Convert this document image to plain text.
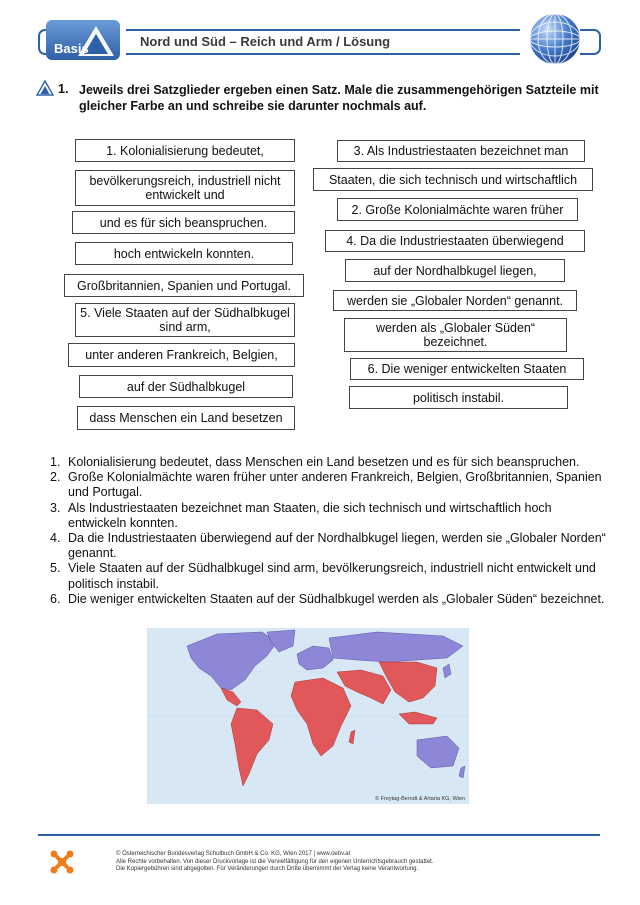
Basis	Nord und Süd – Reich und Arm / Lösung
1. Jeweils drei Satzglieder ergeben einen Satz. Male die zusammengehörigen Satzteile mit gleicher Farbe an und schreibe sie darunter nochmals auf.
1. Kolonialisierung bedeutet,
bevölkerungsreich, industriell nicht entwickelt und
und es für sich beanspruchen.
hoch entwickeln konnten.
Großbritannien, Spanien und Portugal.
5. Viele Staaten auf der Südhalbkugel sind arm,
unter anderen Frankreich, Belgien,
auf der Südhalbkugel
dass Menschen ein Land besetzen
3. Als Industriestaaten bezeichnet man
Staaten, die sich technisch und wirtschaftlich
2. Große Kolonialmächte waren früher
4. Da die Industriestaaten überwiegend
auf der Nordhalbkugel liegen,
werden sie „Globaler Norden“ genannt.
werden als „Globaler Süden“ bezeichnet.
6. Die weniger entwickelten Staaten
politisch instabil.
1. Kolonialisierung bedeutet, dass Menschen ein Land besetzen und es für sich beanspruchen.
2. Große Kolonialmächte waren früher unter anderen Frankreich, Belgien, Großbritannien, Spanien und Portugal.
3. Als Industriestaaten bezeichnet man Staaten, die sich technisch und wirtschaftlich hoch entwickeln konnten.
4. Da die Industriestaaten überwiegend auf der Nordhalbkugel liegen, werden sie „Globaler Norden“ genannt.
5. Viele Staaten auf der Südhalbkugel sind arm, bevölkerungsreich, industriell nicht entwickelt und politisch instabil.
6. Die weniger entwickelten Staaten auf der Südhalbkugel werden als „Globaler Süden“ bezeichnet.
© Freytag-Berndt & Artaria KG, Wien
© Österreichischer Bundesverlag Schulbuch GmbH & Co. KG, Wien 2017 | www.oebv.at
Alle Rechte vorbehalten. Von dieser Druckvorlage ist die Vervielfältigung für den eigenen Unterrichtsgebrauch gestattet.
Die Kopiergebühren sind abgegolten. Für Veränderungen durch Dritte übernimmt der Verlag keine Verantwortung.
